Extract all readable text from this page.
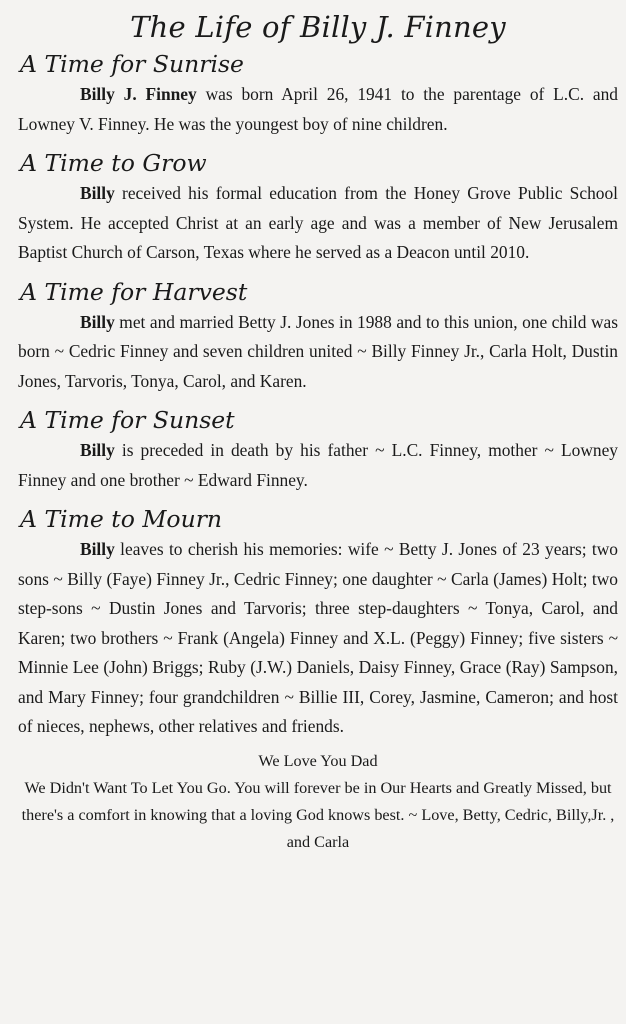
The Life of Billy J. Finney
A Time for Sunrise

Billy J. Finney was born April 26, 1941 to the parentage of L.C. and Lowney V. Finney. He was the youngest boy of nine children.

A Time to Grow

Billy received his formal education from the Honey Grove Public School System. He accepted Christ at an early age and was a member of New Jerusalem Baptist Church of Carson, Texas where he served as a Deacon until 2010.

A Time for Harvest

Billy met and married Betty J. Jones in 1988 and to this union, one child was born ~ Cedric Finney and seven children united ~ Billy Finney Jr., Carla Holt, Dustin Jones, Tarvoris, Tonya, Carol, and Karen.

A Time for Sunset

Billy is preceded in death by his father ~ L.C. Finney, mother ~ Lowney Finney and one brother ~ Edward Finney.

A Time to Mourn

Billy leaves to cherish his memories: wife ~ Betty J. Jones of 23 years; two sons ~ Billy (Faye) Finney Jr., Cedric Finney; one daughter ~ Carla (James) Holt; two step-sons ~ Dustin Jones and Tarvoris; three step-daughters ~ Tonya, Carol, and Karen; two brothers ~ Frank (Angela) Finney and X.L. (Peggy) Finney; five sisters ~ Minnie Lee (John) Briggs; Ruby (J.W.) Daniels, Daisy Finney, Grace (Ray) Sampson, and Mary Finney; four grandchildren ~ Billie III, Corey, Jasmine, Cameron; and host of nieces, nephews, other relatives and friends.

We Love You Dad
We Didn't Want To Let You Go. You will forever be in Our Hearts and Greatly Missed, but there's a comfort in knowing that a loving God knows best. ~ Love, Betty, Cedric, Billy,Jr. , and Carla
